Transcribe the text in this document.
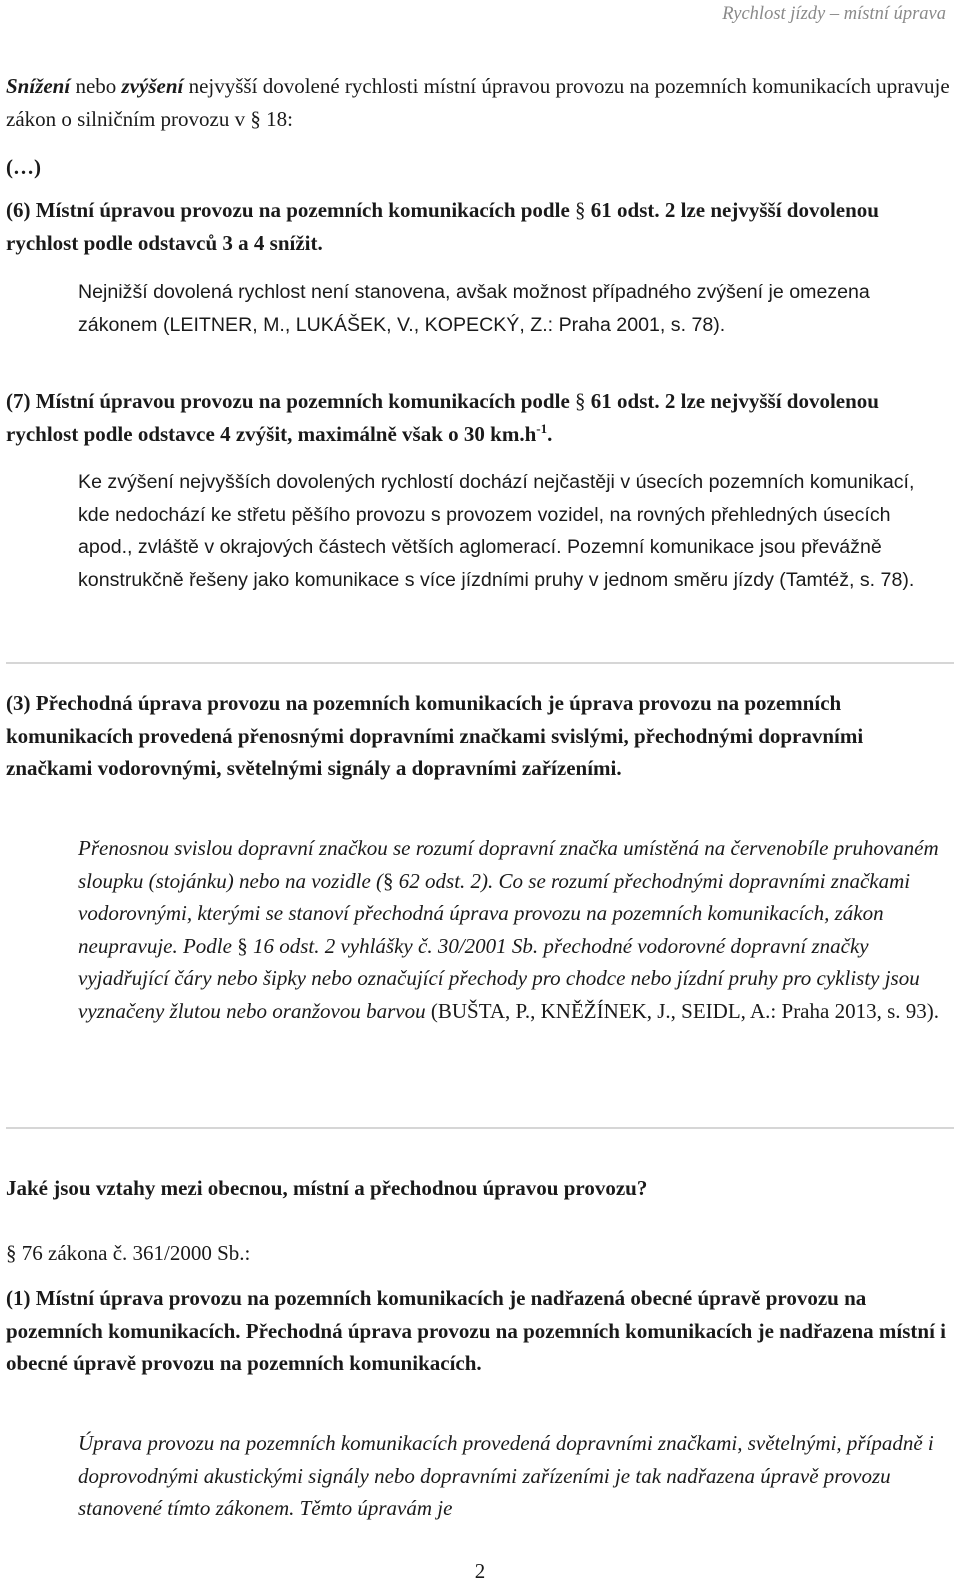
Rychlost jízdy – místní úprava
Snížení nebo zvýšení nejvyšší dovolené rychlosti místní úpravou provozu na pozemních komunikacích upravuje zákon o silničním provozu v § 18:
(…)
(6) Místní úpravou provozu na pozemních komunikacích podle § 61 odst. 2 lze nejvyšší dovolenou rychlost podle odstavců 3 a 4 snížit.
Nejnižší dovolená rychlost není stanovena, avšak možnost případného zvýšení je omezena zákonem (LEITNER, M., LUKÁŠEK, V., KOPECKÝ, Z.: Praha 2001, s. 78).
(7) Místní úpravou provozu na pozemních komunikacích podle § 61 odst. 2 lze nejvyšší dovolenou rychlost podle odstavce 4 zvýšit, maximálně však o 30 $km.h^{-1}$.
Ke zvýšení nejvyšších dovolených rychlostí dochází nejčastěji v úsecích pozemních komunikací, kde nedochází ke střetu pěšího provozu s provozem vozidel, na rovných přehledných úsecích apod., zvláště v okrajových částech větších aglomerací. Pozemní komunikace jsou převážně konstrukčně řešeny jako komunikace s více jízdními pruhy v jednom směru jízdy (Tamtéž, s. 78).
(3) Přechodná úprava provozu na pozemních komunikacích je úprava provozu na pozemních komunikacích provedená přenosnými dopravními značkami svislými, přechodnými dopravními značkami vodorovnými, světelnými signály a dopravními zařízeními.
Přenosnou svislou dopravní značkou se rozumí dopravní značka umístěná na červenobíle pruhovaném sloupku (stojánku) nebo na vozidle (§ 62 odst. 2). Co se rozumí přechodnými dopravními značkami vodorovnými, kterými se stanoví přechodná úprava provozu na pozemních komunikacích, zákon neupravuje. Podle § 16 odst. 2 vyhlášky č. 30/2001 Sb. přechodné vodorovné dopravní značky vyjadřující čáry nebo šipky nebo označující přechody pro chodce nebo jízdní pruhy pro cyklisty jsou vyznačeny žlutou nebo oranžovou barvou (BUŠTA, P., KNĚŽÍNEK, J., SEIDL, A.: Praha 2013, s. 93).
Jaké jsou vztahy mezi obecnou, místní a přechodnou úpravou provozu?
§ 76 zákona č. 361/2000 Sb.:
(1) Místní úprava provozu na pozemních komunikacích je nadřazená obecné úpravě provozu na pozemních komunikacích. Přechodná úprava provozu na pozemních komunikacích je nadřazena místní i obecné úpravě provozu na pozemních komunikacích.
Úprava provozu na pozemních komunikacích provedená dopravními značkami, světelnými, případně i doprovodnými akustickými signály nebo dopravními zařízeními je tak nadřazena úpravě provozu stanovené tímto zákonem. Těmto úpravám je
2
